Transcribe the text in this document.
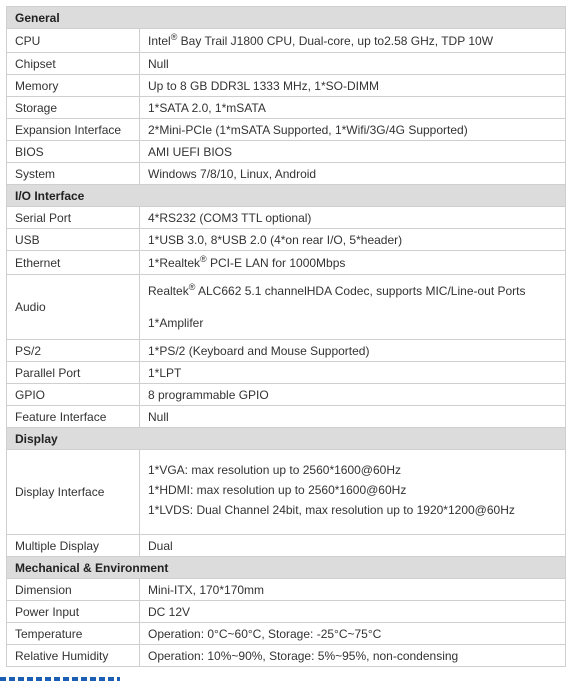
General	
CPU	Intel® Bay Trail J1800 CPU, Dual-core, up to2.58 GHz, TDP 10W
Chipset	Null
Memory	Up to 8 GB DDR3L 1333 MHz, 1*SO-DIMM
Storage	1*SATA 2.0, 1*mSATA
Expansion Interface	2*Mini-PCIe (1*mSATA Supported, 1*Wifi/3G/4G Supported)
BIOS	AMI UEFI BIOS
System	Windows 7/8/10, Linux, Android
I/O Interface	
Serial Port	4*RS232 (COM3 TTL optional)
USB	1*USB 3.0, 8*USB 2.0 (4*on rear I/O, 5*header)
Ethernet	1*Realtek® PCI-E LAN for 1000Mbps
Audio	Realtek® ALC662 5.1 channelHDA Codec, supports MIC/Line-out Ports
1*Amplifer

PS/2	1*PS/2 (Keyboard and Mouse Supported)
Parallel Port	1*LPT
GPIO	8 programmable GPIO
Feature Interface	Null
Display	
Display Interface	1*VGA: max resolution up to 2560*1600@60Hz
1*HDMI: max resolution up to 2560*1600@60Hz
1*LVDS: Dual Channel 24bit, max resolution up to 1920*1200@60Hz

Multiple Display	Dual
Mechanical & Environment	
Dimension	Mini-ITX, 170*170mm
Power Input	DC 12V
Temperature	Operation: 0°C~60°C, Storage: -25°C~75°C
Relative Humidity	Operation: 10%~90%, Storage: 5%~95%, non-condensing
